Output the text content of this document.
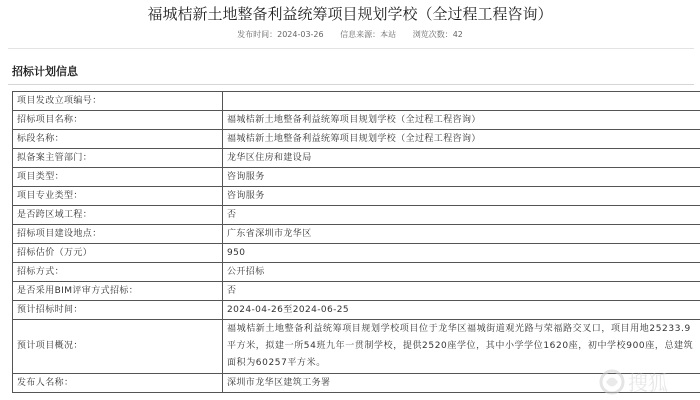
福城桔新土地整备利益统筹项目规划学校（全过程工程咨询）
发布时间：2024-03-26 信息来源：本站 浏览次数：42
招标计划信息
项目发改立项编号：	
招标项目名称：	福城桔新土地整备利益统筹项目规划学校（全过程工程咨询）
标段名称：	福城桔新土地整备利益统筹项目规划学校（全过程工程咨询）
拟备案主管部门：	龙华区住房和建设局
项目类型：	咨询服务
项目专业类型：	咨询服务
是否跨区域工程：	否
招标项目建设地点：	广东省深圳市龙华区
招标估价（万元）	950
招标方式：	公开招标
是否采用BIM评审方式招标：	否
预计招标时间：	2024-04-26至2024-06-25
预计项目概况：	福城桔新土地整备利益统筹项目规划学校项目位于龙华区福城街道观光路与荣福路交叉口，项目用地25233.9平方米，拟建一所54班九年一贯制学校，提供2520座学位，其中小学学位1620座，初中学校900座，总建筑面积为60257平方米。
发布人名称：	深圳市龙华区建筑工务署	搜狐
